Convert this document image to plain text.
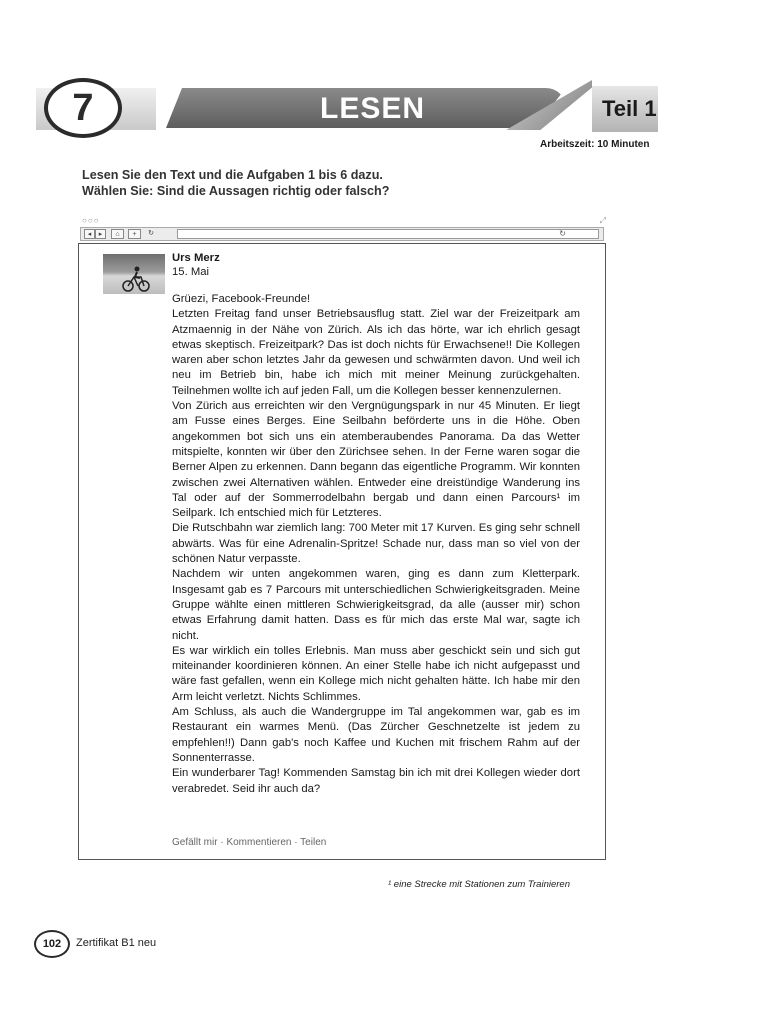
7	LESEN	Teil 1
Arbeitszeit: 10 Minuten
Lesen Sie den Text und die Aufgaben 1 bis 6 dazu.
Wählen Sie: Sind die Aussagen richtig oder falsch?
○○○	⤢
◂	▸	⌂	+	↻	↻
Urs Merz
15. Mai

Grüezi, Facebook-Freunde!

Letzten Freitag fand unser Betriebsausflug statt. Ziel war der Freizeitpark am Atzmaennig in der Nähe von Zürich. Als ich das hörte, war ich ehrlich gesagt etwas skeptisch. Freizeitpark? Das ist doch nichts für Erwachsene!! Die Kollegen waren aber schon letztes Jahr da gewesen und schwärmten davon. Und weil ich neu im Betrieb bin, habe ich mich mit meiner Meinung zurückgehalten. Teilnehmen wollte ich auf jeden Fall, um die Kollegen besser kennenzulernen.

Von Zürich aus erreichten wir den Vergnügungspark in nur 45 Minuten. Er liegt am Fusse eines Berges. Eine Seilbahn beförderte uns in die Höhe. Oben angekommen bot sich uns ein atemberaubendes Panorama. Da das Wetter mitspielte, konnten wir über den Zürichsee sehen. In der Ferne waren sogar die Berner Alpen zu erkennen. Dann begann das eigentliche Programm. Wir konnten zwischen zwei Alternativen wählen. Entweder eine dreistündige Wanderung ins Tal oder auf der Sommerrodelbahn bergab und dann einen Parcours¹ im Seilpark. Ich entschied mich für Letzteres.

Die Rutschbahn war ziemlich lang: 700 Meter mit 17 Kurven. Es ging sehr schnell abwärts. Was für eine Adrenalin-Spritze! Schade nur, dass man so viel von der schönen Natur verpasste.

Nachdem wir unten angekommen waren, ging es dann zum Kletterpark. Insgesamt gab es 7 Parcours mit unterschiedlichen Schwierigkeitsgraden. Meine Gruppe wählte einen mittleren Schwierigkeitsgrad, da alle (ausser mir) schon etwas Erfahrung damit hatten. Dass es für mich das erste Mal war, sagte ich nicht.

Es war wirklich ein tolles Erlebnis. Man muss aber geschickt sein und sich gut miteinander koordinieren können. An einer Stelle habe ich nicht aufgepasst und wäre fast gefallen, wenn ein Kollege mich nicht gehalten hätte. Ich habe mir den Arm leicht verletzt. Nichts Schlimmes.

Am Schluss, als auch die Wandergruppe im Tal angekommen war, gab es im Restaurant ein warmes Menü. (Das Zürcher Geschnetzelte ist jedem zu empfehlen!!) Dann gab's noch Kaffee und Kuchen mit frischem Rahm auf der Sonnenterrasse.

Ein wunderbarer Tag! Kommenden Samstag bin ich mit drei Kollegen wieder dort verabredet. Seid ihr auch da?

Gefällt mir · Kommentieren · Teilen
¹ eine Strecke mit Stationen zum Trainieren
102	Zertifikat B1 neu
